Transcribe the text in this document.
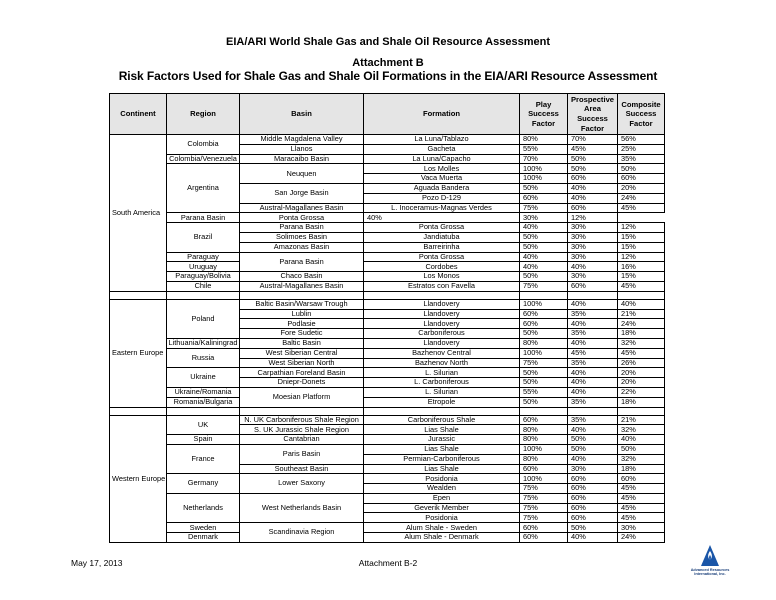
EIA/ARI World Shale Gas and Shale Oil Resource Assessment
Attachment B
Risk Factors Used for Shale Gas and Shale Oil Formations in the EIA/ARI Resource Assessment
Continent	Region	Basin	Formation	Play Success Factor	Prospective Area Success Factor	Composite Success Factor
South America	Colombia	Middle Magdalena Valley	La Luna/Tablazo	80%	70%	56%
		Llanos	Gacheta	55%	45%	25%
	Colombia/Venezuela	Maracaibo Basin	La Luna/Capacho	70%	50%	35%
	Argentina	Neuquen	Los Molles	100%	50%	50%
			Vaca Muerta	100%	60%	60%
		San Jorge Basin	Aguada Bandera	50%	40%	20%
			Pozo D-129	60%	40%	24%
		Austral-Magallanes Basin	L. Inoceramus-Magnas Verdes	75%	60%	45%
	Parana Basin	Ponta Grossa	40%	30%	12%	
	Brazil	Parana Basin	Ponta Grossa	40%	30%	12%
		Solimoes Basin	Jandiatuba	50%	30%	15%
		Amazonas Basin	Barreirinha	50%	30%	15%
	Paraguay	Parana Basin	Ponta Grossa	40%	30%	12%
	Uruguay		Cordobes	40%	40%	16%
	Paraguay/Bolivia	Chaco Basin	Los Monos	50%	30%	15%
	Chile	Austral-Magallanes Basin	Estratos con Favella	75%	60%	45%

Eastern Europe	Poland	Baltic Basin/Warsaw Trough	Llandovery	100%	40%	40%
		Lublin	Llandovery	60%	35%	21%
		Podlasie	Llandovery	60%	40%	24%
		Fore Sudetic	Carboniferous	50%	35%	18%
	Lithuania/Kaliningrad	Baltic Basin	Llandovery	80%	40%	32%
	Russia	West Siberian Central	Bazhenov Central	100%	45%	45%
		West Siberian North	Bazhenov North	75%	35%	26%
	Ukraine	Carpathian Foreland Basin	L. Silurian	50%	40%	20%
		Dniepr-Donets	L. Carboniferous	50%	40%	20%
	Ukraine/Romania	Moesian Platform	L. Silurian	55%	40%	22%
	Romania/Bulgaria		Etropole	50%	35%	18%

Western Europe	UK	N. UK Carboniferous Shale Region	Carboniferous Shale	60%	35%	21%
		S. UK Jurassic Shale Region	Lias Shale	80%	40%	32%
	Spain	Cantabrian	Jurassic	80%	50%	40%
	France	Paris Basin	Lias Shale	100%	50%	50%
			Permian-Carboniferous	80%	40%	32%
		Southeast Basin	Lias Shale	60%	30%	18%
	Germany	Lower Saxony	Posidonia	100%	60%	60%
			Wealden	75%	60%	45%
	Netherlands	West Netherlands Basin	Epen	75%	60%	45%
			Geverik Member	75%	60%	45%
			Posidonia	75%	60%	45%
	Sweden	Scandinavia Region	Alum Shale - Sweden	60%	50%	30%
	Denmark		Alum Shale - Denmark	60%	40%	24%
May 17, 2013	Attachment B-2
Advanced Resources International, Inc.
